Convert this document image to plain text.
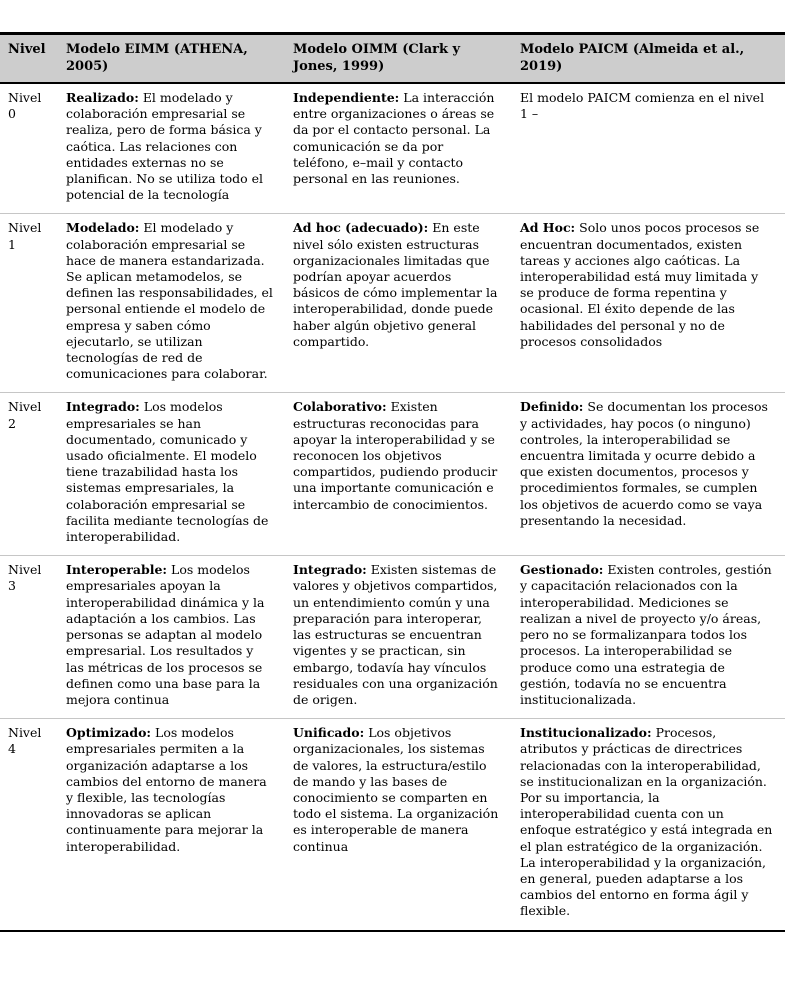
Nivel	Modelo EIMM (ATHENA, 2005)	Modelo OIMM (Clark y Jones, 1999)	Modelo PAICM (Almeida et al., 2019)
Nivel 0	Realizado: El modelado y colaboración empresarial se realiza, pero de forma básica y caótica. Las relaciones con entidades externas no se planifican. No se utiliza todo el potencial de la tecnología	Independiente: La interacción entre organizaciones o áreas se da por el contacto personal. La comunicación se da por teléfono, e–mail y contacto personal en las reuniones.	El modelo PAICM comienza en el nivel 1 –
Nivel 1	Modelado: El modelado y colaboración empresarial se hace de manera estandarizada. Se aplican metamodelos, se definen las responsabilidades, el personal entiende el modelo de empresa y saben cómo ejecutarlo, se utilizan tecnologías de red de comunicaciones para colaborar.	Ad hoc (adecuado): En este nivel sólo existen estructuras organizacionales limitadas que podrían apoyar acuerdos básicos de cómo implementar la interoperabilidad, donde puede haber algún objetivo general compartido.	Ad Hoc: Solo unos pocos procesos se encuentran documentados, existen tareas y acciones algo caóticas. La interoperabilidad está muy limitada y se produce de forma repentina y ocasional. El éxito depende de las habilidades del personal y no de procesos consolidados
Nivel 2	Integrado: Los modelos empresariales se han documentado, comunicado y usado oficialmente. El modelo tiene trazabilidad hasta los sistemas empresariales, la colaboración empresarial se facilita mediante tecnologías de interoperabilidad.	Colaborativo: Existen estructuras reconocidas para apoyar la interoperabilidad y se reconocen los objetivos compartidos, pudiendo producir una importante comunicación e intercambio de conocimientos.	Definido: Se documentan los procesos y actividades, hay pocos (o ninguno) controles, la interoperabilidad se encuentra limitada y ocurre debido a que existen documentos, procesos y procedimientos formales, se cumplen los objetivos de acuerdo como se vaya presentando la necesidad.
Nivel 3	Interoperable: Los modelos empresariales apoyan la interoperabilidad dinámica y la adaptación a los cambios. Las personas se adaptan al modelo empresarial. Los resultados y las métricas de los procesos se definen como una base para la mejora continua	Integrado: Existen sistemas de valores y objetivos compartidos, un entendimiento común y una preparación para interoperar, las estructuras se encuentran vigentes y se practican, sin embargo, todavía hay vínculos residuales con una organización de origen.	Gestionado: Existen controles, gestión y capacitación relacionados con la interoperabilidad. Mediciones se realizan a nivel de proyecto y/o áreas, pero no se formalizanpara todos los procesos. La interoperabilidad se produce como una estrategia de gestión, todavía no se encuentra institucionalizada.
Nivel 4	Optimizado: Los modelos empresariales permiten a la organización adaptarse a los cambios del entorno de manera y flexible, las tecnologías innovadoras se aplican continuamente para mejorar la interoperabilidad.	Unificado: Los objetivos organizacionales, los sistemas de valores, la estructura/estilo de mando y las bases de conocimiento se comparten en todo el sistema. La organización es interoperable de manera continua	Institucionalizado: Procesos, atributos y prácticas de directrices relacionadas con la interoperabilidad, se institucionalizan en la organización. Por su importancia, la interoperabilidad cuenta con un enfoque estratégico y está integrada en el plan estratégico de la organización. La interoperabilidad y la organización, en general, pueden adaptarse a los cambios del entorno en forma ágil y flexible.
